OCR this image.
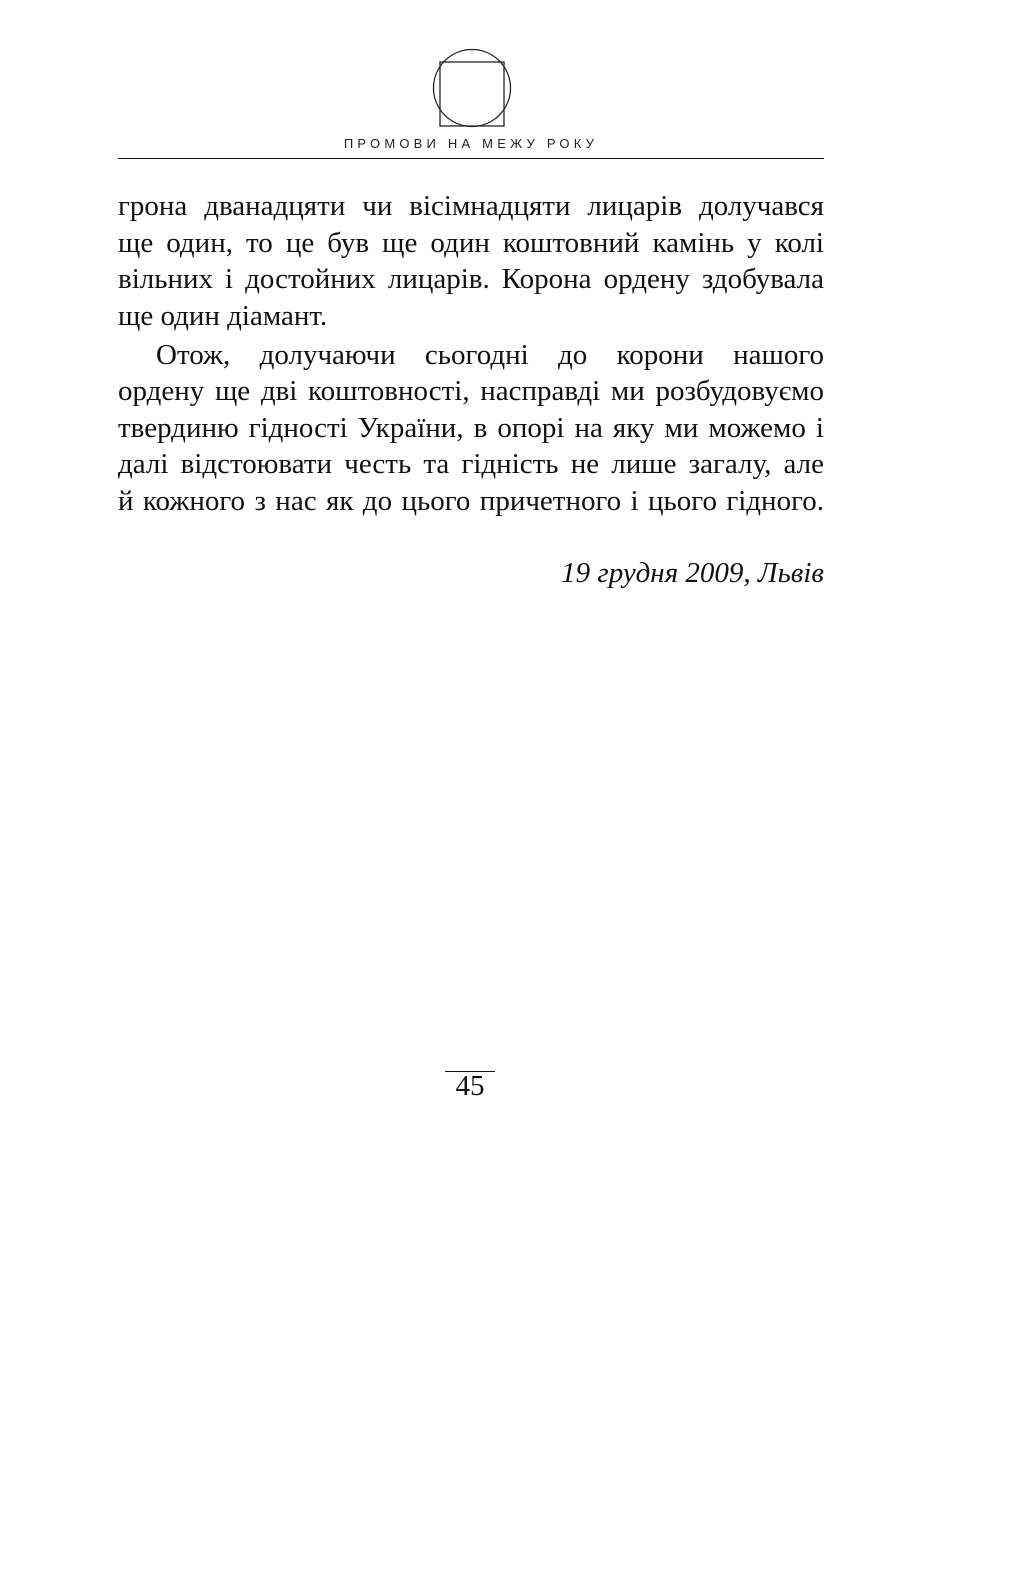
ПРОМОВИ НА МЕЖУ РОКУ
грона дванадцяти чи вісімнадцяти лицарів долучався
ще один, то це був ще один коштовний камінь у колі
вільних і достойних лицарів. Корона ордену здобувала
ще один діамант.
Отож, долучаючи сьогодні до корони нашого
ордену ще дві коштовності, насправді ми розбудовуємо
твердиню гідності України, в опорі на яку ми можемо і
далі відстоювати честь та гідність не лише загалу, але
й кожного з нас як до цього причетного і цього гідного.
19 грудня 2009, Львів
45
